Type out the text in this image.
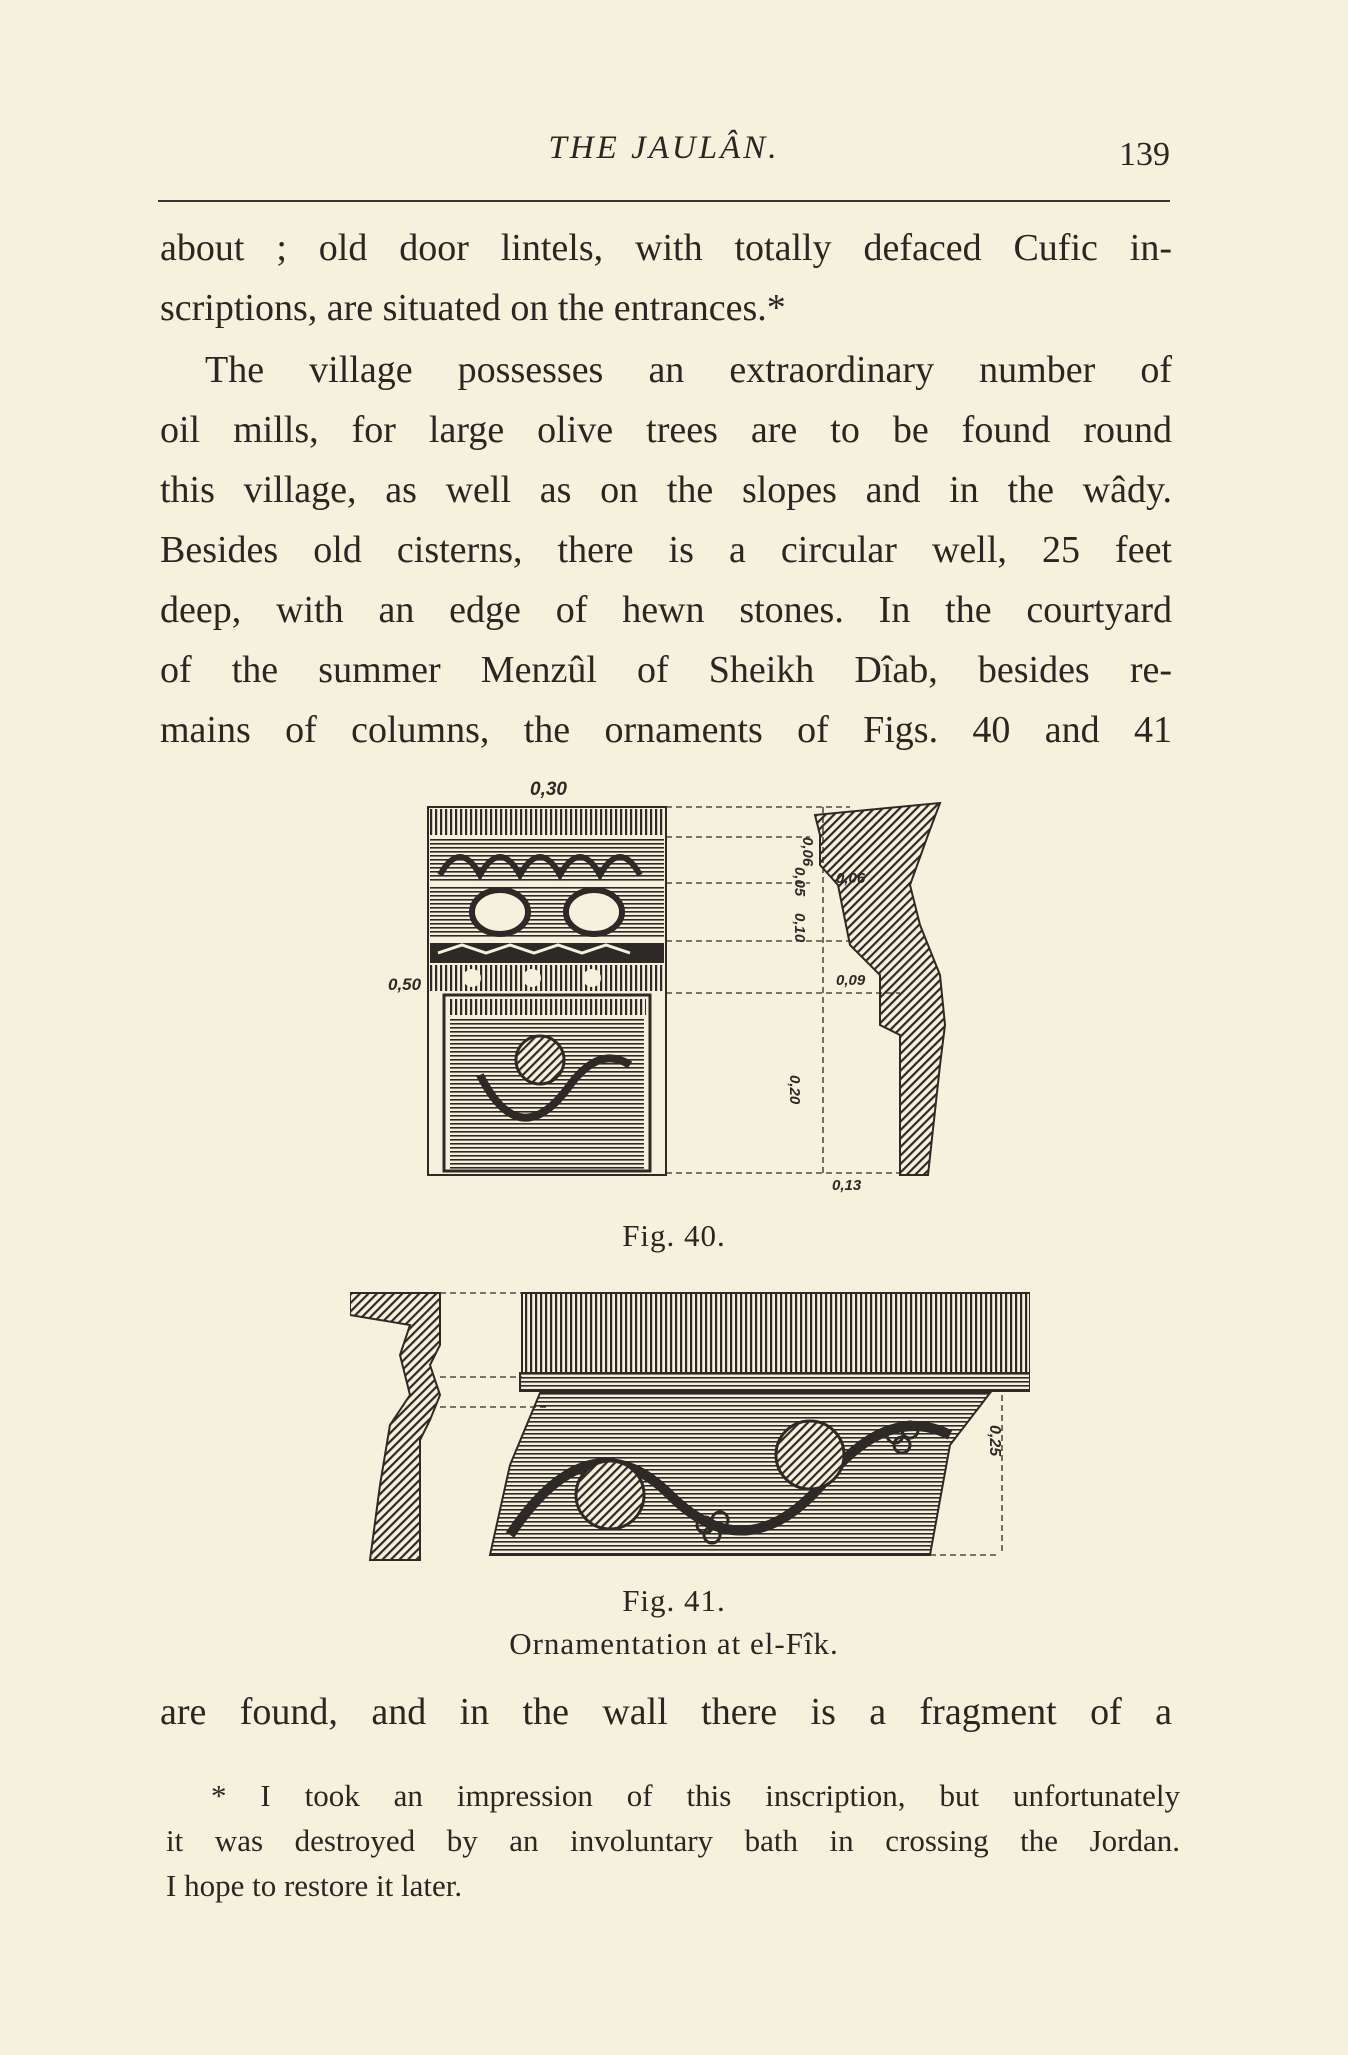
THE JAULÂN.	139
about ; old door lintels, with totally defaced Cufic in-
scriptions, are situated on the entrances.*
The village possesses an extraordinary number of
oil mills, for large olive trees are to be found round
this village, as well as on the slopes and in the wâdy.
Besides old cisterns, there is a circular well, 25 feet
deep, with an edge of hewn stones. In the courtyard
of the summer Menzûl of Sheikh Dîab, besides re-
mains of columns, the ornaments of Figs. 40 and 41
0,30
0,50
0,05 0,06
0,10
0,06
0,09
0,20
0,13
Fig. 40.
0,25
Fig. 41.
Ornamentation at el-Fîk.
are found, and in the wall there is a fragment of a
* I took an impression of this inscription, but unfortunately
it was destroyed by an involuntary bath in crossing the Jordan.
I hope to restore it later.
